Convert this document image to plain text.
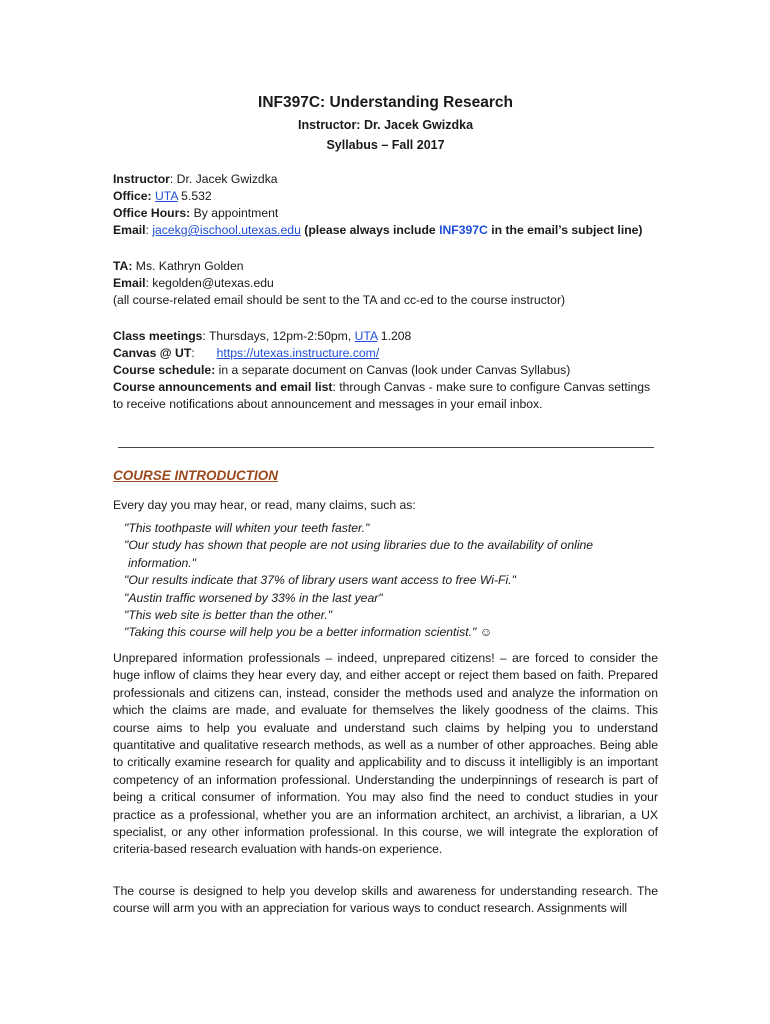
INF397C: Understanding Research
Instructor: Dr. Jacek Gwizdka
Syllabus – Fall 2017
Instructor: Dr. Jacek Gwizdka
Office: UTA 5.532
Office Hours: By appointment
Email: jacekg@ischool.utexas.edu (please always include INF397C in the email’s subject line)
TA: Ms. Kathryn Golden
Email: kegolden@utexas.edu
(all course-related email should be sent to the TA and cc-ed to the course instructor)
Class meetings: Thursdays, 12pm-2:50pm, UTA 1.208
Canvas @ UT: https://utexas.instructure.com/
Course schedule: in a separate document on Canvas (look under Canvas Syllabus)
Course announcements and email list: through Canvas - make sure to configure Canvas settings
to receive notifications about announcement and messages in your email inbox.
COURSE INTRODUCTION
Every day you may hear, or read, many claims, such as:
"This toothpaste will whiten your teeth faster."
"Our study has shown that people are not using libraries due to the availability of online
information."
"Our results indicate that 37% of library users want access to free Wi-Fi."
"Austin traffic worsened by 33% in the last year"
"This web site is better than the other."
"Taking this course will help you be a better information scientist." ☺
Unprepared information professionals – indeed, unprepared citizens! – are forced to consider the huge inflow of claims they hear every day, and either accept or reject them based on faith. Prepared professionals and citizens can, instead, consider the methods used and analyze the information on which the claims are made, and evaluate for themselves the likely goodness of the claims. This course aims to help you evaluate and understand such claims by helping you to understand quantitative and qualitative research methods, as well as a number of other approaches. Being able to critically examine research for quality and applicability and to discuss it intelligibly is an important competency of an information professional. Understanding the underpinnings of research is part of being a critical consumer of information. You may also find the need to conduct studies in your practice as a professional, whether you are an information architect, an archivist, a librarian, a UX specialist, or any other information professional. In this course, we will integrate the exploration of criteria-based research evaluation with hands-on experience.
The course is designed to help you develop skills and awareness for understanding research. The course will arm you with an appreciation for various ways to conduct research. Assignments will
